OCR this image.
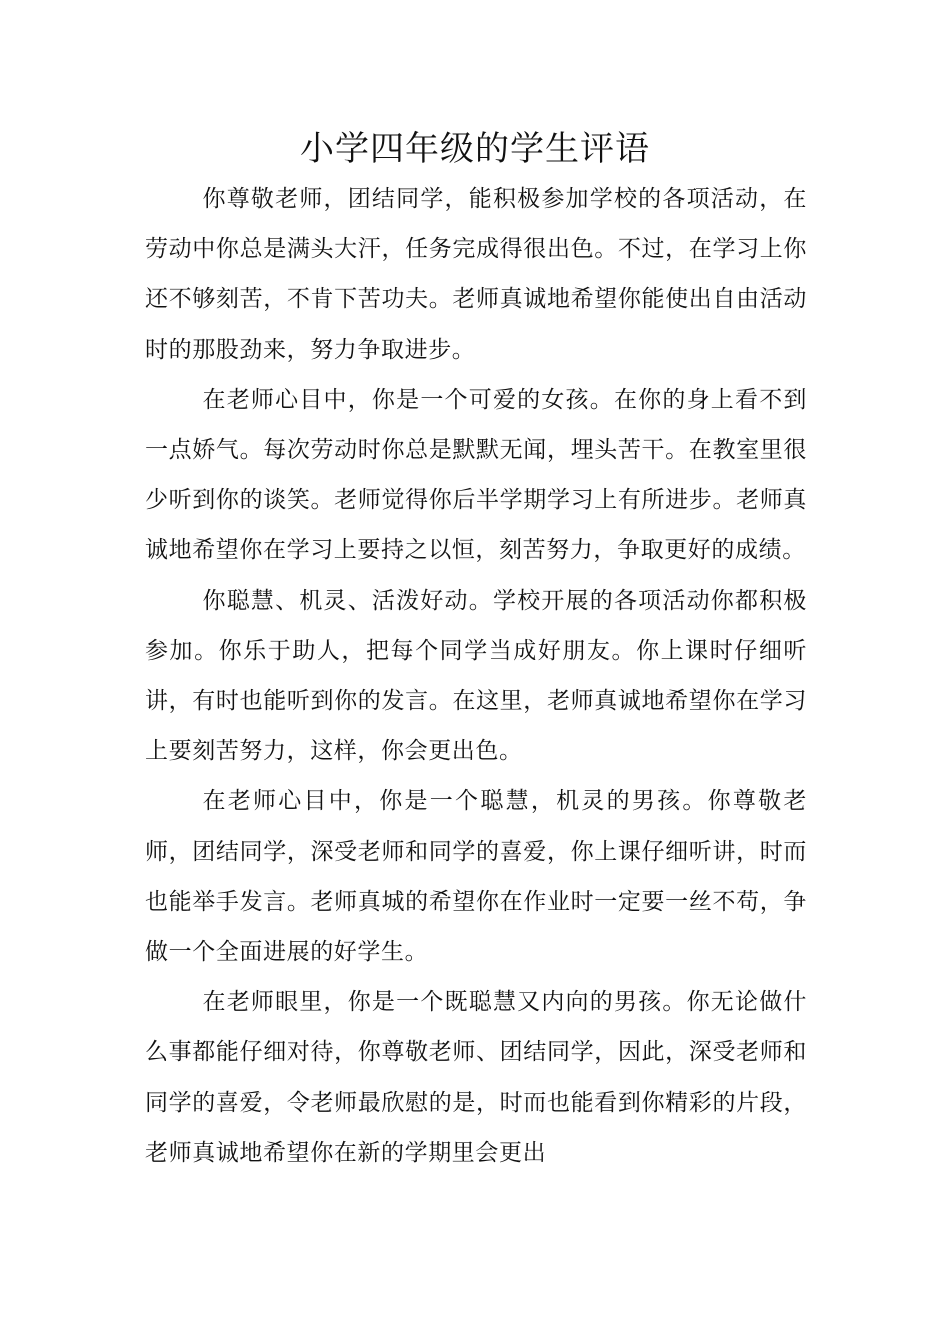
小学四年级的学生评语

你尊敬老师，团结同学，能积极参加学校的各项活动，在劳动中你总是满头大汗，任务完成得很出色。不过，在学习上你还不够刻苦，不肯下苦功夫。老师真诚地希望你能使出自由活动时的那股劲来，努力争取进步。

在老师心目中，你是一个可爱的女孩。在你的身上看不到一点娇气。每次劳动时你总是默默无闻，埋头苦干。在教室里很少听到你的谈笑。老师觉得你后半学期学习上有所进步。老师真诚地希望你在学习上要持之以恒，刻苦努力，争取更好的成绩。

你聪慧、机灵、活泼好动。学校开展的各项活动你都积极参加。你乐于助人，把每个同学当成好朋友。你上课时仔细听讲，有时也能听到你的发言。在这里，老师真诚地希望你在学习上要刻苦努力，这样，你会更出色。

在老师心目中，你是一个聪慧，机灵的男孩。你尊敬老师，团结同学，深受老师和同学的喜爱，你上课仔细听讲，时而也能举手发言。老师真城的希望你在作业时一定要一丝不苟，争做一个全面进展的好学生。

在老师眼里，你是一个既聪慧又内向的男孩。你无论做什么事都能仔细对待，你尊敬老师、团结同学，因此，深受老师和同学的喜爱，令老师最欣慰的是，时而也能看到你精彩的片段，老师真诚地希望你在新的学期里会更出
